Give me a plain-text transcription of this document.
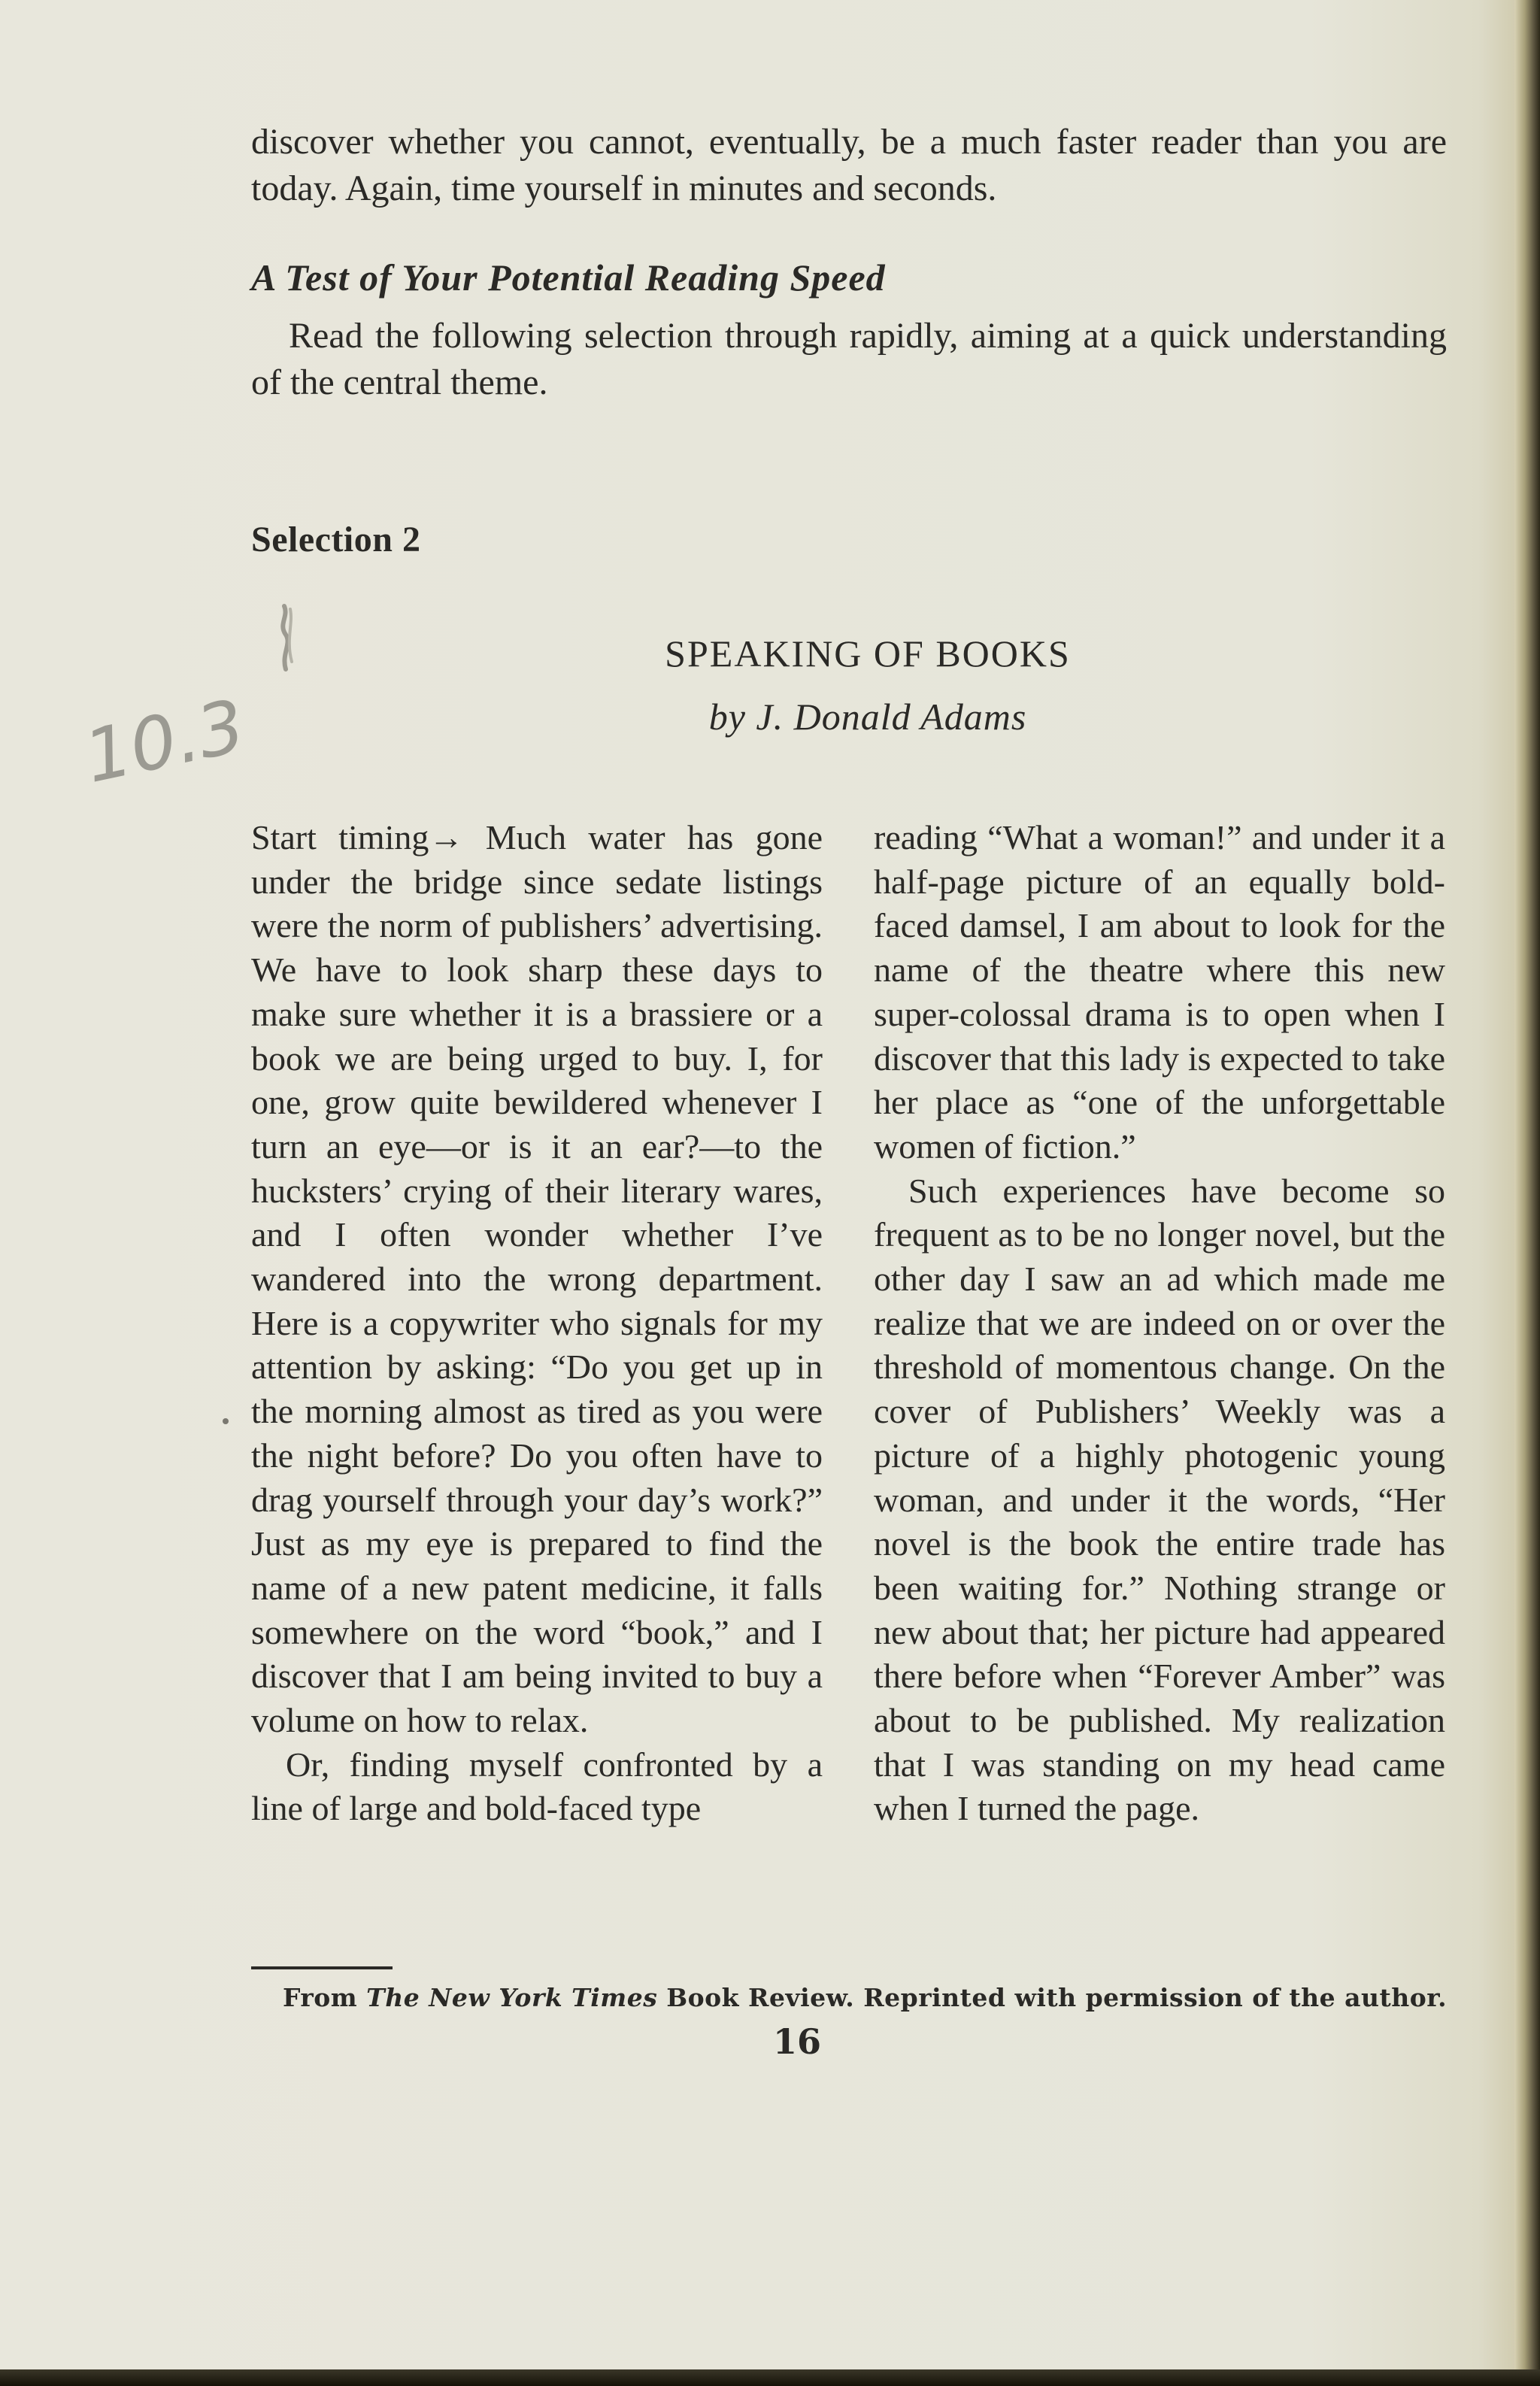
discover whether you cannot, eventually, be a much faster reader than you are today. Again, time yourself in minutes and seconds.

A Test of Your Potential Reading Speed

Read the following selection through rapidly, aiming at a quick understanding of the central theme.

Selection 2
10.3
SPEAKING OF BOOKS
by J. Donald Adams

Start timing→ Much water has gone under the bridge since sedate listings were the norm of publishers’ advertising. We have to look sharp these days to make sure whether it is a brassiere or a book we are being urged to buy. I, for one, grow quite bewildered whenever I turn an eye—or is it an ear?—to the hucksters’ crying of their literary wares, and I often wonder whether I’ve wandered into the wrong department. Here is a copywriter who signals for my attention by asking: “Do you get up in the morning almost as tired as you were the night before? Do you often have to drag yourself through your day’s work?” Just as my eye is prepared to find the name of a new patent medicine, it falls somewhere on the word “book,” and I discover that I am being invited to buy a volume on how to relax.

Or, finding myself confronted by a line of large and bold-faced type

reading “What a woman!” and under it a half-page picture of an equally bold-faced damsel, I am about to look for the name of the theatre where this new super-colossal drama is to open when I discover that this lady is expected to take her place as “one of the unforgettable women of fiction.”

Such experiences have become so frequent as to be no longer novel, but the other day I saw an ad which made me realize that we are indeed on or over the threshold of momentous change. On the cover of Publishers’ Weekly was a picture of a highly photogenic young woman, and under it the words, “Her novel is the book the entire trade has been waiting for.” Nothing strange or new about that; her picture had appeared there before when “Forever Amber” was about to be published. My realization that I was standing on my head came when I turned the page.

From The New York Times Book Review. Reprinted with permission of the author.
16
